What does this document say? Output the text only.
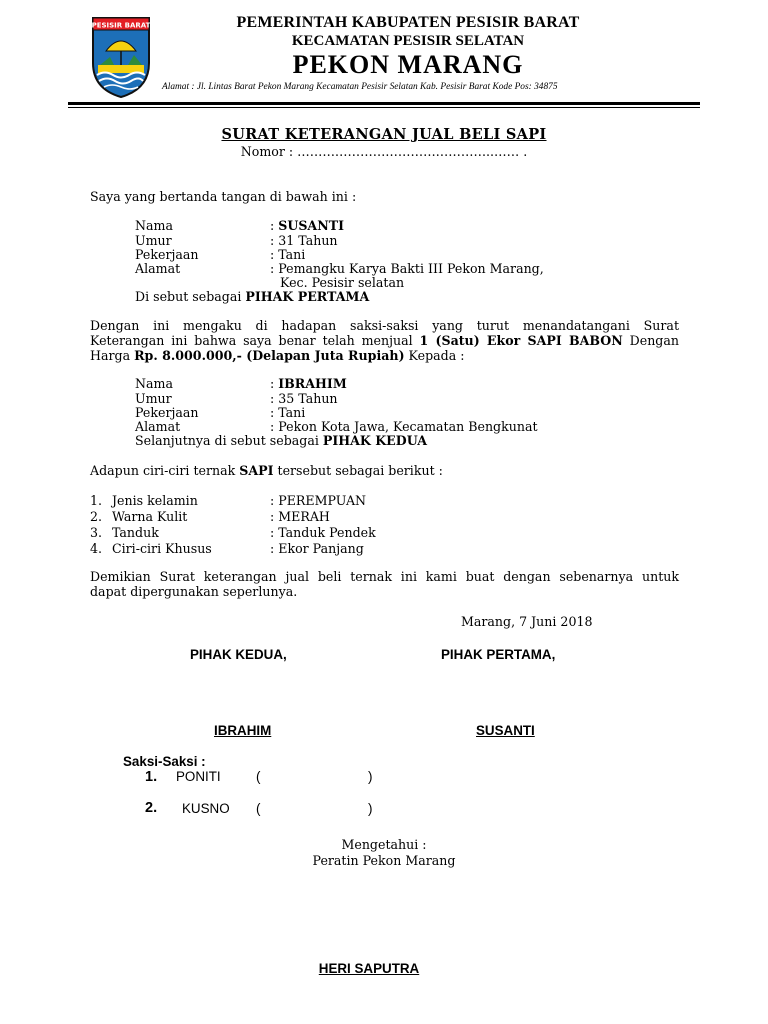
PESISIR BARAT	PEMERINTAH KABUPATEN PESISIR BARAT
KECAMATAN PESISIR SELATAN
PEKON MARANG
Alamat : Jl. Lintas Barat Pekon Marang Kecamatan Pesisir Selatan Kab. Pesisir Barat Kode Pos: 34875
SURAT KETERANGAN JUAL BELI SAPI
Nomor : ………………………………………..…… .
Saya yang bertanda tangan di bawah ini :
Nama	: SUSANTI
Umur	: 31 Tahun
Pekerjaan	: Tani
Alamat	: Pemangku Karya Bakti III Pekon Marang,
Kec. Pesisir selatan
Di sebut sebagai PIHAK PERTAMA
Dengan ini mengaku di hadapan saksi-saksi yang turut menandatangani Surat
Keterangan ini bahwa saya benar telah menjual 1 (Satu) Ekor SAPI BABON Dengan
Harga Rp. 8.000.000,- (Delapan Juta Rupiah) Kepada :
Nama	: IBRAHIM
Umur	: 35 Tahun
Pekerjaan	: Tani
Alamat	: Pekon Kota Jawa, Kecamatan Bengkunat
Selanjutnya di sebut sebagai PIHAK KEDUA
Adapun ciri-ciri ternak SAPI tersebut sebagai berikut :
1. Jenis kelamin	: PEREMPUAN
2. Warna Kulit	: MERAH
3. Tanduk	: Tanduk Pendek
4. Ciri-ciri Khusus	: Ekor Panjang
Demikian Surat keterangan jual beli ternak ini kami buat dengan sebenarnya untuk
dapat dipergunakan seperlunya.
Marang, 7 Juni 2018
PIHAK KEDUA,	PIHAK PERTAMA,
IBRAHIM	SUSANTI
Saksi-Saksi :
1. PONITI	(	)
2. KUSNO (	)
Mengetahui :
Peratin Pekon Marang
HERI SAPUTRA
